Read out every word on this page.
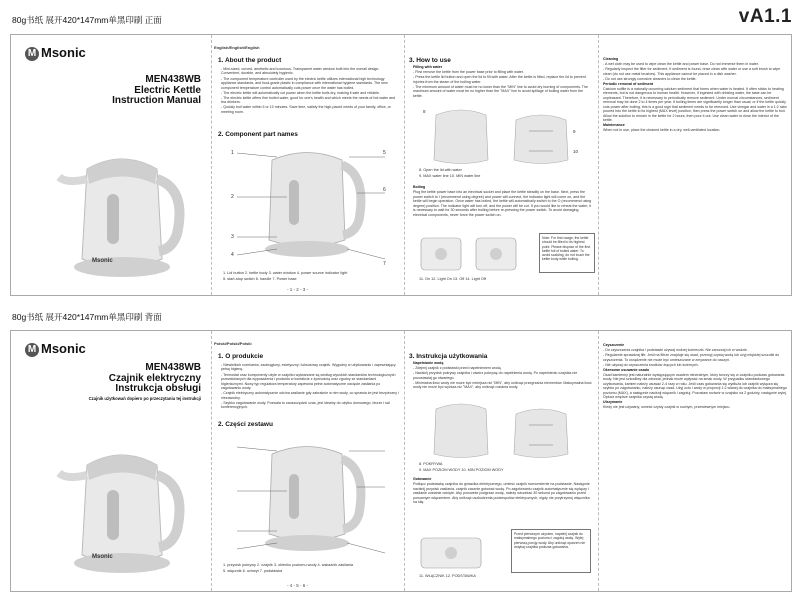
80g书纸 展开420*147mm单黑印刷 正面	vA1.1
M Msonic
MEN438WB
Electric Kettle
Instruction Manual
Msonic
English/English/English
1. About the product

- Mini-sized, curved, aesthetic and luxurious. Transparent water window built into the overall design. Convenient, durable, and absolutely hygienic.

- The component temperature controller used by the electric kettle utilizes international high technology appliance standards, and food-grade plastic in compliance with international hygiene standards. The new component temperature control automatically cuts power once the water has boiled.

- The electric kettle will automatically cut power when the kettle boils dry, making it safe and reliable.

- The electric kettle offers fine boiled water, good for one's health and which meets the needs of hot water and tea drinkers.

- Quickly boil water within 5 or 10 minutes. Save time, satisfy the high-paced needs of your family, office, or meeting room.

2. Component part names
1
2
3
4
5
6
7
1. Lid button 2. kettle body 3. water window 4. power source indicator light
5. start-stop switch 6. handle 7. Power base
- 1 - 2 - 3 -
3. How to use

Filling with water

- First remove the kettle from the power base prior to filling with water.

- Press the kettle lid button and open the lid to fill with water. After the kettle is filled, replace the lid to prevent injuries from the steam of the boiling water.

- The minimum amount of water must be no lower than the "MIN" line to avoid dry burning of components. The maximum amount of water must be no higher than the "MAX" line to avoid spillage of boiling water from the kettle.

8
9
10
8. Open the lid with water
9. MAX water line 10. MIN water line

Boiling

Plug the kettle power base into an electrical socket and place the kettle steadily on the base. Next, press the power switch to I (recommend using degree) and power will connect, the indicator light will come on, and the kettle will begin operation. Once water has boiled, the kettle will automatically switch to the O (recommend using degree) position. The indicator light will turn off, and the power will be cut. If you would like to reheat the water, it is necessary to wait for 30 seconds after boiling before re-pressing the power switch. To avoid damaging electrical components, never force the power switch on.

11. On 12. Light On 13. Off 14. Light Off
Note: For first usage, the kettle should be filled to its highest point. Please dispose of the first kettle full of boiled water. To avoid scalding, do not touch the kettle body while boiling.

Cleaning

- A wet cloth may be used to wipe clean the kettle and power base. Do not immerse them in water.

- Regularly inspect the filter for sediment. If sediment is found, rinse clean with water or use a soft brush to wipe clean (do not use metal brushes). This appliance cannot be placed in a dish washer.

- Do not use strongly corrosive cleaners to clean the kettle.

Periodic removal of sediment

Calcium sulfite is a naturally occurring calcium sediment that forms when water is heated. It often sticks to heating elements, but is not dangerous to human health. However, if ingested with drinking water, the taste can be unpleasant. Therefore, it is necessary to periodically remove sediment. Under normal circumstances, sediment removal may be done 2 to 4 times per year. If boiling times are significantly longer than usual, or if the kettle quickly cuts power after boiling, this is a good sign that sediment needs to be removed. Use vinegar and water in a 1:2 ratio poured into the kettle to its highest (MAX level) position, then press the power switch on and allow the kettle to boil. Allow the solution to remain in the kettle for 2 hours, then pour it out. Use clean water to rinse the interior of the kettle.

Maintenance

When not in use, place the cleaned kettle in a dry, well-ventilated location.

80g书纸 展开420*147mm单黑印刷 背面
M Msonic
MEN438WB
Czajnik elektryczny
Instrukcja obsługi
Czajnik użytkowań dopiero po przeczytaniu tej instrukcji
Msonic
Polski/Polski/Polski
1. O produkcie

- Niewielkich rozmiarów, zaokrąglony, estetyczny i luksusowy czajnik. Wygodny w użytkowaniu i zapewniający pełną higienę.

- Termostat oraz komponenty użyte w czajniku wytwarzane są według wysokich standardów technologicznych przewidzianych dla wyposażenia i produktu w kontakcie z żywnością oraz zgodny ze standardami higienicznymi. Nowy typ regulatora temperatury zapewnia pełne automatyczne odcięcie zasilania po zagotowaniu wody.

- Czajnik elektryczny automatycznie odcina zasilanie gdy zabraknie w nim wody, co sprawia że jest bezpieczny i niezawodny.

- Szybko zagotowanie wody. Pozwala to zaoszczędzić czas, jest idealny do użytku domowego, biurze i sal konferencyjnych.

2. Części zestawu
1. przycisk pokrywy 2. czajnik 3. okienko poziomu wody 4. wskaźnik zasilania
5. włącznik 6. uchwyt 7. podstawka
- 4 - 5 - 6 -
3. Instrukcja użytkowania

Napełnianie wodą

- Zdejmij czajnik z podstawki przed napełnieniem wodą.

- Naciśnij przycisk pokrywy czajnika i otwórz pokrywę do napełnienia wodą. Po napełnieniu czajnika nie pozostawiaj go otwartego.

- Minimalna ilość wody nie może być mniejsza niż "MIN", aby uniknąć przegrzania elementów. Maksymalna ilość wody nie może być wyższa niż "MAX", aby uniknąć rozlania wody.

8. POKRYWA
9. MAX POZIOM WODY 10. MIN POZIOM WODY

Gotowanie

Podłącz podstawkę czajnika do gniazdka elektrycznego, umieść czajnik równomiernie na podstawie. Następnie naciśnij przycisk zasilania, czajnik zacznie gotować wodę. Po zagotowaniu czajnik automatycznie się wyłączy i zasilanie zostanie odcięte. Aby ponownie podgrzać wodę, należy odczekać 30 sekund po zagotowaniu przed ponownym włączeniem. Aby uniknąć uszkodzenia podzespołów elektrycznych, nigdy nie przytrzymuj włącznika na siłę.

11. WŁĄCZNIK 12. PODSTAWKA
Przed pierwszym użyciem, napełnij czajnik do maksymalnego poziomu i zagotuj wodę. Wylej pierwszą porcję wody. Aby uniknąć oparzeń nie dotykaj czajnika podczas gotowania.

Czyszczenie

- Do czyszczenia czajnika i podstawki używaj mokrej ściereczki. Nie zanurzaj ich w wodzie.

- Regularnie sprawdzaj filtr. Jeśli na filtrze znajduje się osad, przemyj czystą wodą lub użyj miękkiej szczotki do czyszczenia. To urządzenie nie może być umieszczane w zmywarce do naczyń.

- Nie używaj do czyszczenia środków żrących lub ściernych.

Okresowe usuwanie osadu

Osad kamienny jest naturalnie występującym osadem mineralnym, który tworzy się w czajniku podczas gotowania wody. Nie jest szkodliwy dla zdrowia, jednak może wpływać na smak wody. W przypadku standardowego użytkowania, kamień należy usuwać 2-4 razy w roku. Jeśli czas gotowania się wydłuża lub czajnik wyłącza się szybko po zagotowaniu, należy usunąć osad. Użyj octu i wody w proporcji 1:2 wlanej do czajnika do maksymalnego poziomu (MAX), a następnie naciśnij włącznik i zagotuj. Pozostaw roztwór w czajniku na 2 godziny, następnie wylej. Opłucz wnętrze czajnika czystą wodą.

Utrzymanie

Kiedy nie jest używany, umieść czysty czajnik w suchym, przewiewnym miejscu.
